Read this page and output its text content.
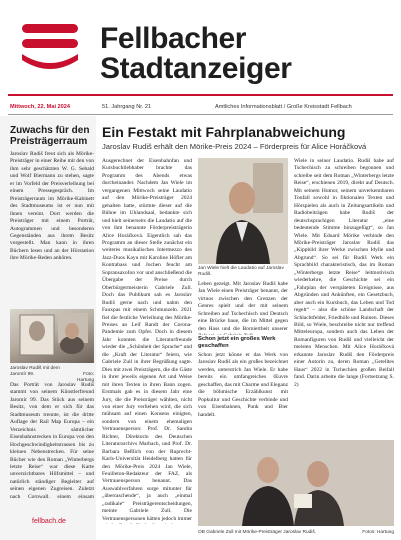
Fellbacher
Stadtanzeiger
Mittwoch, 22. Mai 2024	51. Jahrgang Nr. 21	Amtliches Informationsblatt / Große Kreisstadt Fellbach
Zuwachs für den Preisträgerraum

Jaroslav Rudiš freut sich als Mörike-Preisträger in einer Reihe mit den von ihm sehr geschätzten W. G. Sebald und Wolf Biermann zu stehen, sagte er im Vorfeld der Preisverleihung bei einem Pressegespräch. Im Preisträgerraum im Mörike-Kabinett des Stadtmuseums ist er nun mit ihnen vereint. Dort werden die Preisträger mit einem Porträt, Autogrammen und besonderen Gegenständen aus ihrem Besitz vorgestellt. Man kann in ihren Büchern lesen und an der Hörstation ihre Mörike-Reden anhören.

Jaroslav Rudiš mit dem Jaromír 99.	Foto: Hartung

Das Porträt von Jaroslav Rudiš stammt von seinem Künstlerfreund Jaromír 99. Das Stück aus seinem Besitz, von dem er sich für das Stadtmuseum trennte, ist die dritte Auflage der Rail Map Europa – ein Verzeichnis sämtlicher Eisenbahnstrecken in Europa von den Hochgeschwindigkeitstrassen bis zu kleinen Nebenstrecken. Für seine Bücher wie den Roman „Winterbergs letzte Reise“ war diese Karte unverzichtbares Hilfsmittel – und natürlich ständiger Begleiter auf seinen eigenen Zugreisen. Zuletzt nach Cornwall, einem einsam

fellbach.de
Ein Festakt mit Fahrplanabweichung
Jaroslav Rudiš erhält den Mörike-Preis 2024 – Förderpreis für Alice Horáčková

Ausgerechnet der Eisenbahnfan und Kursbuchliebhaber brachte das Programm des Abends etwas durcheinander. Nachdem Jan Wiele im vergangenen Mittwoch seine Laudatio auf den Mörike-Preisträger 2024 gehalten hatte, stürmte dieser auf die Bühne im Uhlandsaal, bedankte sich und hielt seinerseits die Laudatio auf die von ihm benannte Förderpreisträgerin Alice Horáčková. Eigentlich sah das Programm an dieser Stelle zunächst ein weiteres musikalisches Intermezzo des Jazz-Duos Kayu mit Karoline Höfler am Kontrabass und Jochen feucht am Sopransaxofon vor und anschließend die Übergabe der Preise durch Oberbürgermeisterin Gabriele Zull. Doch das Publikum sah es Jaroslav Rudiš gerne nach und nahm den Fauxpas mit einem Schmunzeln. 2021 fiel die festliche Verleihung des Mörike-Preises an Leif Randt der Corona-Pandemie zum Opfer. Doch in diesem Jahr konnten die Literaturfreunde wieder die „Schönheit der Sprache“ und die „Kraft der Literatur“ feiern, wie Gabriele Zull in ihrer Begrüßung sagte. Dies mit zwei Preisträgern, die die Gäste in ihrer jeweils eigenen Art und Weise mit ihren Texten in ihren Bann zogen. Erstmals gab es in diesem Jahr eine Jury, die die Preisträger wählten, nicht von einer Jury verliehen wird, die sich mühsam auf einen Konsens einigten, sondern von einem ehemaligen Vertrauensperson: Prof. Dr. Sandra Richter, Direktorin des Deutschen Literaturarchivs Marbach, und Prof. Dr. Barbara Beßlich von der Ruprecht-Karls-Universität Heidelberg hatten für den Mörike-Preis 2024 Jan Wiele, Feuilleton-Redakteur der FAZ, als Vertrauensperson benannt. Das Auswahlverfahren sorge mitunter für „überraschende“, ja auch „einmal „radikale“ Preisträgerentscheidungen, meinte Gabriele Zull. Die Vertrauenspersonen hätten jedoch immer

Jan Wiele hielt die Laudatio auf Jaroslav Rudiš.

Leben gezeigt. Mit Jaroslav Rudiš habe Jan Wiele einen Preisträger benannt, der virtuos zwischen den Grenzen der Genres spielt und der mit seinem Schreiben auf Tschechisch und Deutsch eine Brücke baue, die im Mittel gegen den Hass und die Borniertheit unserer

Schon jetzt ein großes Werk geschaffen

Schon jetzt könne er das Werk von Jaroslav Rudiš als ein großes bezeichnet werden, unterstrich Jan Wiele. Er habe bereits ein umfangreiches Œuvre geschaffen, das mit Charme und Eleganz die böhmische Erzählkunst mit Popkultur und Geschichte verbinde und von Eisenbahnen, Punk und Bier handelt.

Wiele in seiner Laudatio. Rudiš habe auf Tschechisch zu schreiben begonnen und schreibe seit dem Roman „Winterbergs letzte Reise“, erschienen 2019, direkt auf Deutsch. Mit seinem Humor, seinem unverkennbaren Tonfall sowohl in fiktionalen Texten und Hörspielen als auch in Zeitungsartikeln und Radiobeiträgen habe Rudiš der deutschsprachigen Literatur „eine bedeutende Stimme hinzugefügt“, so Jan Wiele. Mit Eduard Mörike verbinde den Mörike-Preisträger Jaroslav Rudiš das „Kippbild ihrer Werke zwischen Idylle und Abgrund“. So sei für Rudiš Werk ein Sprachbild charakteristisch, das im Roman „Winterbergs letzte Reise“ leitmotivisch wiederkehre, die Geschichte sei ein „Fahrplan der verspäteten Ereignisse, aus Abgründen und Ankünften, ein Gesetzbuch, aber auch ein Kursbuch, das Leben und Tod regelt“ – also die schöne Landschaft der Schlachtfelder, Friedhöfe und Ruinen. Dieses Bild, so Wiele, beschreibe nicht nur treffend Mitteleuropa, sondern auch das Leben der Romanfiguren von Rudiš und vielleicht der meisten Menschen. Mit Alice Horáčková erkannte Jaroslav Rudiš den Förderpreis einer Autorin zu, deren Roman „Getelltes Haus“ 2022 in Tschechien großen Beifall fand. Darin arbeite die lange (Fortsetzung S. 2)

OB Gabriele Zull mit Mörike-Preisträger Jaroslav Rudiš.	Fotos: Hartung
